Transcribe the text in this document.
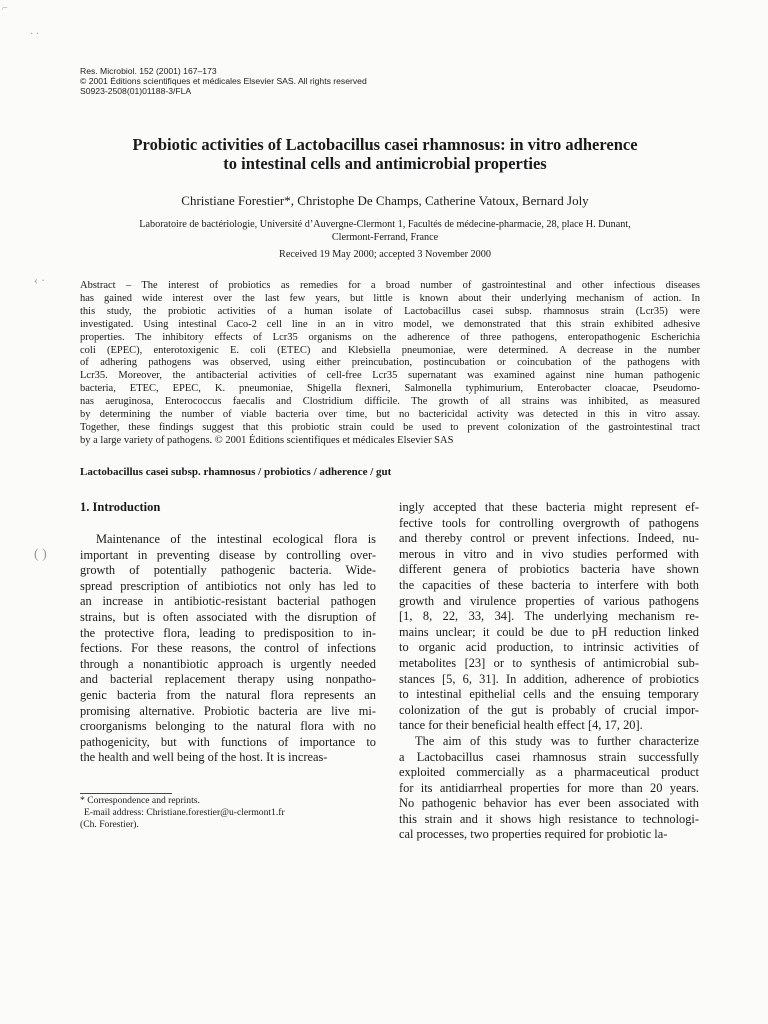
⌐
· ·
‹ ·
( )
Res. Microbiol. 152 (2001) 167–173
© 2001 Éditions scientifiques et médicales Elsevier SAS. All rights reserved
S0923-2508(01)01188-3/FLA
Probiotic activities of Lactobacillus casei rhamnosus: in vitro adherence
to intestinal cells and antimicrobial properties
Christiane Forestier*, Christophe De Champs, Catherine Vatoux, Bernard Joly
Laboratoire de bactériologie, Université d’Auvergne-Clermont 1, Facultés de médecine-pharmacie, 28, place H. Dunant,
Clermont-Ferrand, France
Received 19 May 2000; accepted 3 November 2000
Abstract – The interest of probiotics as remedies for a broad number of gastrointestinal and other infectious diseases
has gained wide interest over the last few years, but little is known about their underlying mechanism of action. In
this study, the probiotic activities of a human isolate of Lactobacillus casei subsp. rhamnosus strain (Lcr35) were
investigated. Using intestinal Caco-2 cell line in an in vitro model, we demonstrated that this strain exhibited adhesive
properties. The inhibitory effects of Lcr35 organisms on the adherence of three pathogens, enteropathogenic Escherichia
coli (EPEC), enterotoxigenic E. coli (ETEC) and Klebsiella pneumoniae, were determined. A decrease in the number
of adhering pathogens was observed, using either preincubation, postincubation or coincubation of the pathogens with
Lcr35. Moreover, the antibacterial activities of cell-free Lcr35 supernatant was examined against nine human pathogenic
bacteria, ETEC, EPEC, K. pneumoniae, Shigella flexneri, Salmonella typhimurium, Enterobacter cloacae, Pseudomo-
nas aeruginosa, Enterococcus faecalis and Clostridium difficile. The growth of all strains was inhibited, as measured
by determining the number of viable bacteria over time, but no bactericidal activity was detected in this in vitro assay.
Together, these findings suggest that this probiotic strain could be used to prevent colonization of the gastrointestinal tract
by a large variety of pathogens. © 2001 Éditions scientifiques et médicales Elsevier SAS
Lactobacillus casei subsp. rhamnosus / probiotics / adherence / gut
1. Introduction
Maintenance of the intestinal ecological flora is
important in preventing disease by controlling over-
growth of potentially pathogenic bacteria. Wide-
spread prescription of antibiotics not only has led to
an increase in antibiotic-resistant bacterial pathogen
strains, but is often associated with the disruption of
the protective flora, leading to predisposition to in-
fections. For these reasons, the control of infections
through a nonantibiotic approach is urgently needed
and bacterial replacement therapy using nonpatho-
genic bacteria from the natural flora represents an
promising alternative. Probiotic bacteria are live mi-
croorganisms belonging to the natural flora with no
pathogenicity, but with functions of importance to
the health and well being of the host. It is increas-
ingly accepted that these bacteria might represent ef-
fective tools for controlling overgrowth of pathogens
and thereby control or prevent infections. Indeed, nu-
merous in vitro and in vivo studies performed with
different genera of probiotics bacteria have shown
the capacities of these bacteria to interfere with both
growth and virulence properties of various pathogens
[1, 8, 22, 33, 34]. The underlying mechanism re-
mains unclear; it could be due to pH reduction linked
to organic acid production, to intrinsic activities of
metabolites [23] or to synthesis of antimicrobial sub-
stances [5, 6, 31]. In addition, adherence of probiotics
to intestinal epithelial cells and the ensuing temporary
colonization of the gut is probably of crucial impor-
tance for their beneficial health effect [4, 17, 20].
The aim of this study was to further characterize
a Lactobacillus casei rhamnosus strain successfully
exploited commercially as a pharmaceutical product
for its antidiarrheal properties for more than 20 years.
No pathogenic behavior has ever been associated with
this strain and it shows high resistance to technologi-
cal processes, two properties required for probiotic la-
* Correspondence and reprints.
E-mail address: Christiane.forestier@u-clermont1.fr
(Ch. Forestier).
